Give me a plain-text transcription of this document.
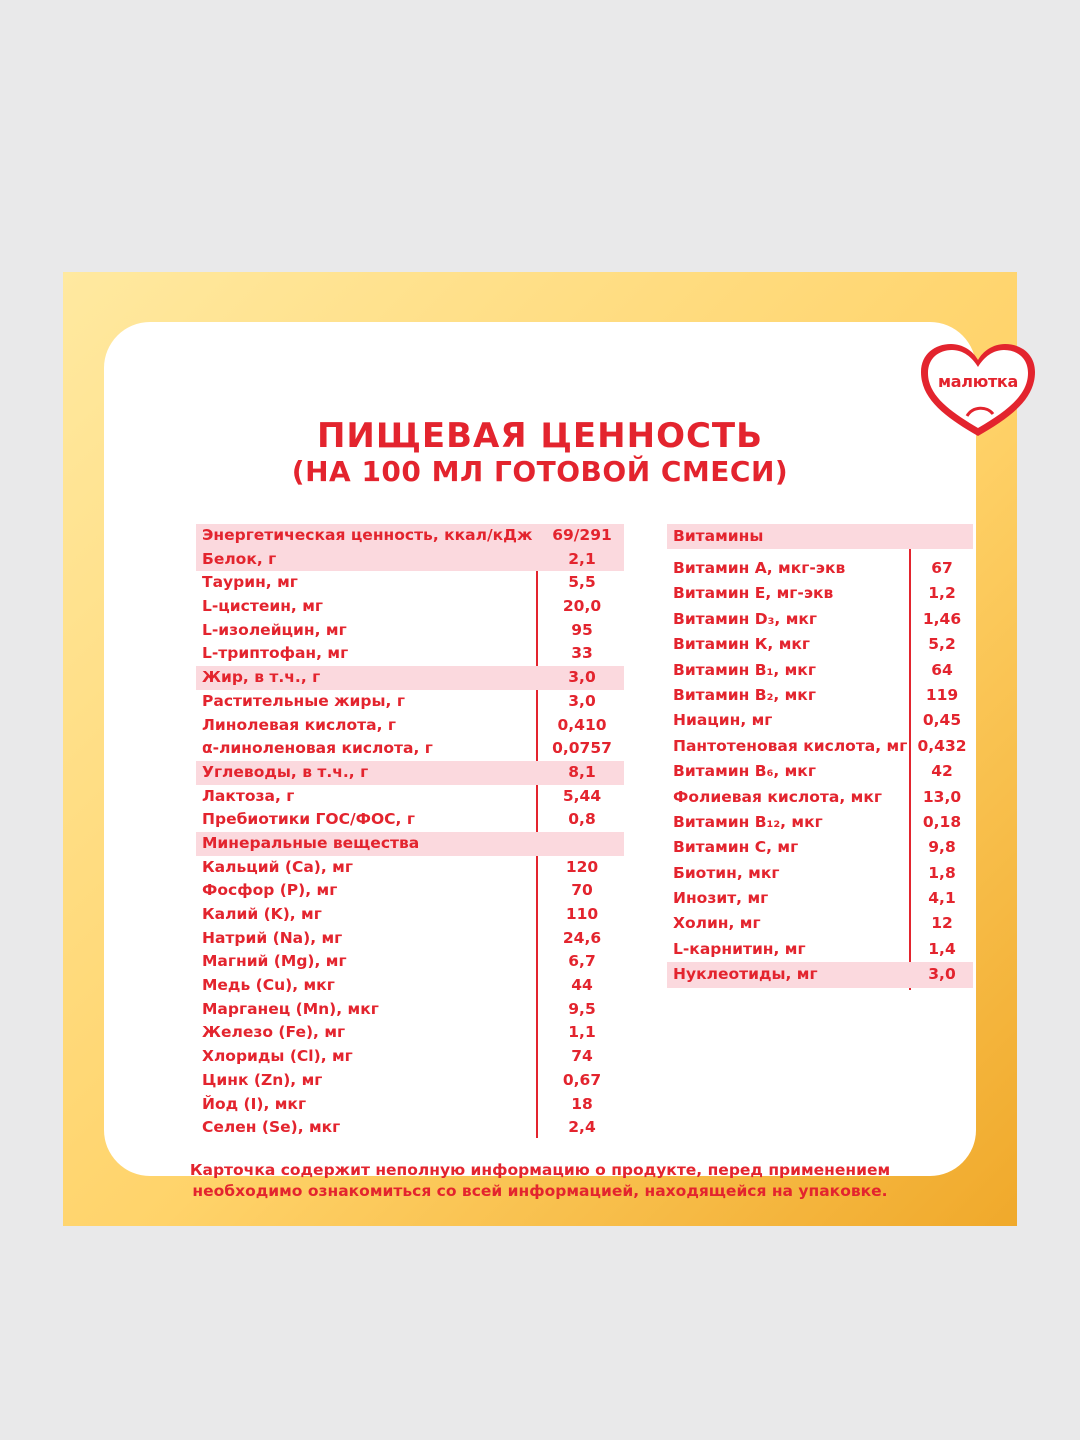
малютка
ПИЩЕВАЯ ЦЕННОСТЬ
(НА 100 МЛ ГОТОВОЙ СМЕСИ)
Энергетическая ценность, ккал/кДж	69/291
Белок, г	2,1
Таурин, мг	5,5
L-цистеин, мг	20,0
L-изолейцин, мг	95
L-триптофан, мг	33
Жир, в т.ч., г	3,0
Растительные жиры, г	3,0
Линолевая кислота, г	0,410
α-линоленовая кислота, г	0,0757
Углеводы, в т.ч., г	8,1
Лактоза, г	5,44
Пребиотики ГОС/ФОС, г	0,8
Минеральные вещества
Кальций (Ca), мг	120
Фосфор (P), мг	70
Калий (K), мг	110
Натрий (Na), мг	24,6
Магний (Mg), мг	6,7
Медь (Cu), мкг	44
Марганец (Mn), мкг	9,5
Железо (Fe), мг	1,1
Хлориды (Cl), мг	74
Цинк (Zn), мг	0,67
Йод (I), мкг	18
Селен (Se), мкг	2,4
Витамины
Витамин А, мкг-экв	67
Витамин Е, мг-экв	1,2
Витамин D₃, мкг	1,46
Витамин К, мкг	5,2
Витамин B₁, мкг	64
Витамин B₂, мкг	119
Ниацин, мг	0,45
Пантотеновая кислота, мг 0,432
Витамин B₆, мкг	42
Фолиевая кислота, мкг	13,0
Витамин B₁₂, мкг	0,18
Витамин C, мг	9,8
Биотин, мкг	1,8
Инозит, мг	4,1
Холин, мг	12
L-карнитин, мг	1,4
Нуклеотиды, мг	3,0
Карточка содержит неполную информацию о продукте, перед применением
необходимо ознакомиться со всей информацией, находящейся на упаковке.
